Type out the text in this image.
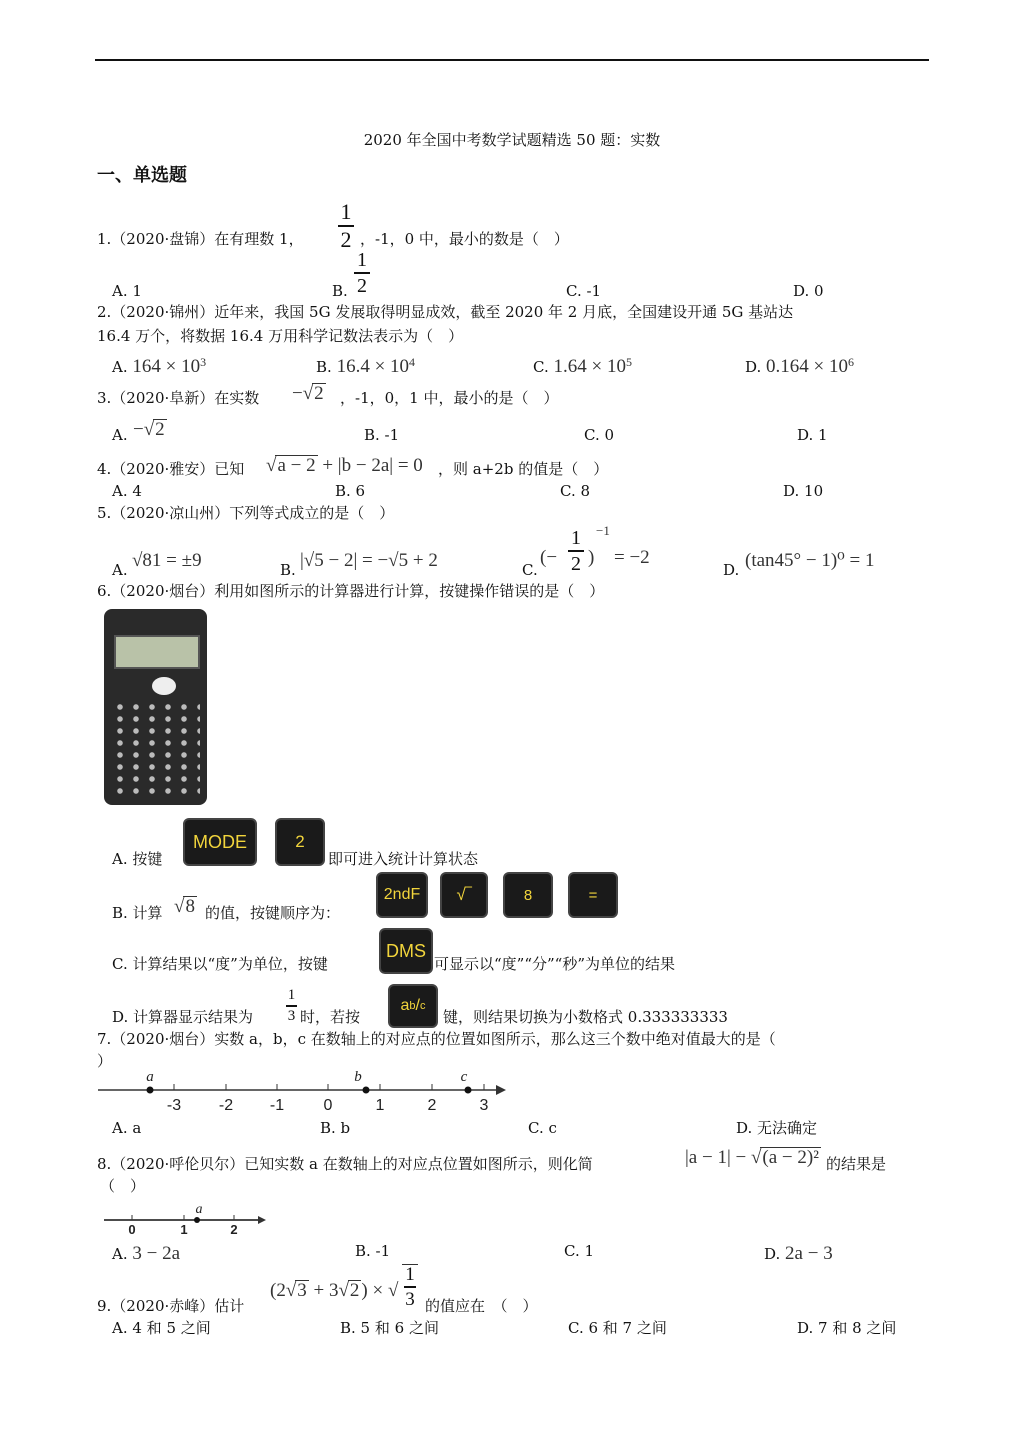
2020 年全国中考数学试题精选 50 题：实数
一、单选题
1.（2020·盘锦）在有理数 1，
1
2 ，-1，0 中，最小的数是（　）
A. 1	B.
1
2	C. -1	D. 0
2.（2020·锦州）近年来，我国 5G 发展取得明显成效，截至 2020 年 2 月底，全国建设开通 5G 基站达
16.4 万个，将数据 16.4 万用科学记数法表示为（　）
A. $164 \times 10^3$	B. $16.4 \times 10^4$	C. $1.64 \times 10^5$	D. $0.164 \times 10^6$
3.（2020·阜新）在实数 −√2 ，-1，0，1 中，最小的是（　）
A. −√2	B. -1	C. 0	D. 1
4.（2020·雅安）已知 √a − 2 + |b − 2a| = 0 ，则 a+2b 的值是（　）
A. 4	B. 6	C. 8	D. 10
5.（2020·凉山州）下列等式成立的是（　）
A. √81 = ±9	B. |√5 − 2| = −√5 + 2	C.
(−
1
2 )
−1
= −2
D. (tan45° − 1)⁰ = 1
6.（2020·烟台）利用如图所示的计算器进行计算，按键操作错误的是（　）
A. 按键
MODE	2
即可进入统计计算状态
B. 计算 √8 的值，按键顺序为：
2ndF	√‾	8	=
C. 计算结果以“度”为单位，按键
DMS
可显示以“度”“分”“秒”为单位的结果
D. 计算器显示结果为
1
3 时，若按
a b / c
键，则结果切换为小数格式 0.333333333
7.（2020·烟台）实数 a，b，c 在数轴上的对应点的位置如图所示，那么这三个数中绝对值最大的是（
）
-3 -2 -1 0	1	2	3
a	b	c
A. a	B. b	C. c	D. 无法确定
8.（2020·呼伦贝尔）已知实数 a 在数轴上的对应点位置如图所示，则化简	|a − 1| − √(a − 2)² 的结果是
（　）
0	1	2
a
A. 3 − 2a	B. -1	C. 1	D. 2a − 3
9.（2020·赤峰）估计
(2√3 + 3√2 ) × √
1
3 的值应在　（　）
A. 4 和 5 之间	B. 5 和 6 之间	C. 6 和 7 之间	D. 7 和 8 之间
